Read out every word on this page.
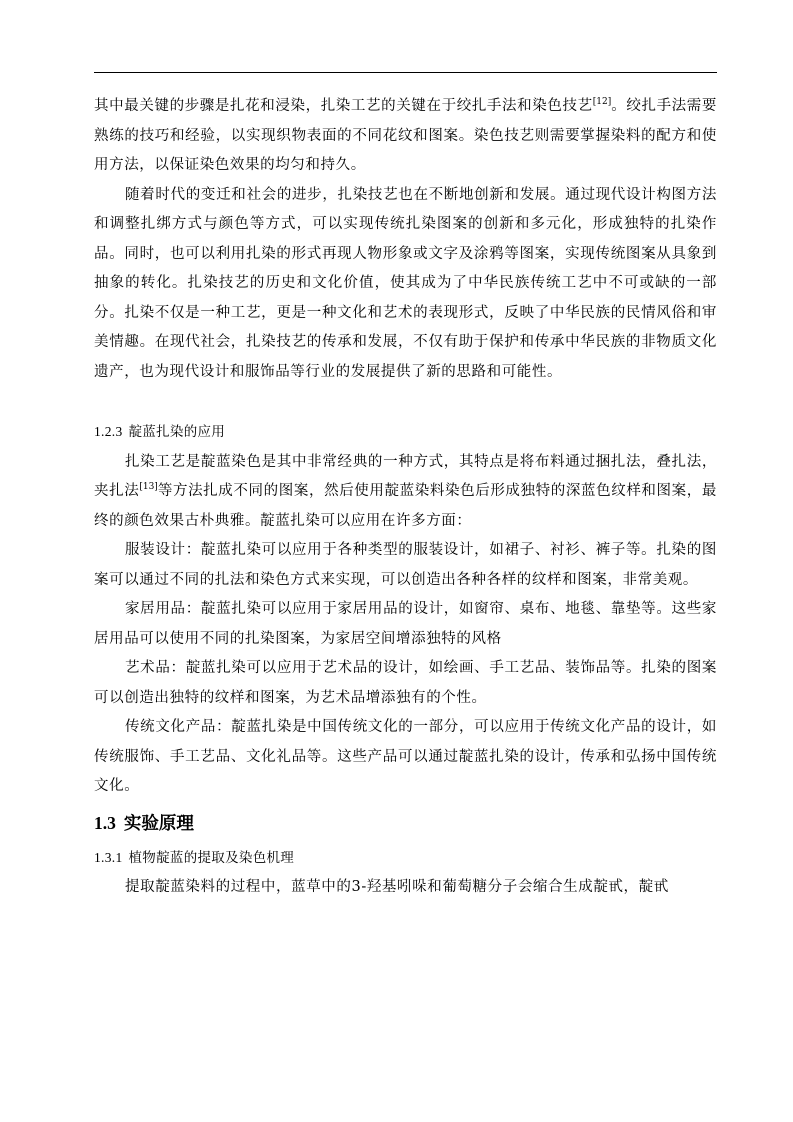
其中最关键的步骤是扎花和浸染，扎染工艺的关键在于绞扎手法和染色技艺[12]。绞扎手法需要熟练的技巧和经验，以实现织物表面的不同花纹和图案。染色技艺则需要掌握染料的配方和使用方法，以保证染色效果的均匀和持久。

随着时代的变迁和社会的进步，扎染技艺也在不断地创新和发展。通过现代设计构图方法和调整扎绑方式与颜色等方式，可以实现传统扎染图案的创新和多元化，形成独特的扎染作品。同时，也可以利用扎染的形式再现人物形象或文字及涂鸦等图案，实现传统图案从具象到抽象的转化。扎染技艺的历史和文化价值，使其成为了中华民族传统工艺中不可或缺的一部分。扎染不仅是一种工艺，更是一种文化和艺术的表现形式，反映了中华民族的民情风俗和审美情趣。在现代社会，扎染技艺的传承和发展，不仅有助于保护和传承中华民族的非物质文化遗产，也为现代设计和服饰品等行业的发展提供了新的思路和可能性。

1.2.3 靛蓝扎染的应用

扎染工艺是靛蓝染色是其中非常经典的一种方式，其特点是将布料通过捆扎法，叠扎法，夹扎法[13]等方法扎成不同的图案，然后使用靛蓝染料染色后形成独特的深蓝色纹样和图案，最终的颜色效果古朴典雅。靛蓝扎染可以应用在许多方面：

服装设计：靛蓝扎染可以应用于各种类型的服装设计，如裙子、衬衫、裤子等。扎染的图案可以通过不同的扎法和染色方式来实现，可以创造出各种各样的纹样和图案，非常美观。

家居用品：靛蓝扎染可以应用于家居用品的设计，如窗帘、桌布、地毯、靠垫等。这些家居用品可以使用不同的扎染图案，为家居空间增添独特的风格

艺术品：靛蓝扎染可以应用于艺术品的设计，如绘画、手工艺品、装饰品等。扎染的图案可以创造出独特的纹样和图案，为艺术品增添独有的个性。

传统文化产品：靛蓝扎染是中国传统文化的一部分，可以应用于传统文化产品的设计，如传统服饰、手工艺品、文化礼品等。这些产品可以通过靛蓝扎染的设计，传承和弘扬中国传统文化。

1.3 实验原理
1.3.1 植物靛蓝的提取及染色机理

提取靛蓝染料的过程中，蓝草中的3-羟基吲哚和葡萄糖分子会缩合生成靛甙，靛甙
